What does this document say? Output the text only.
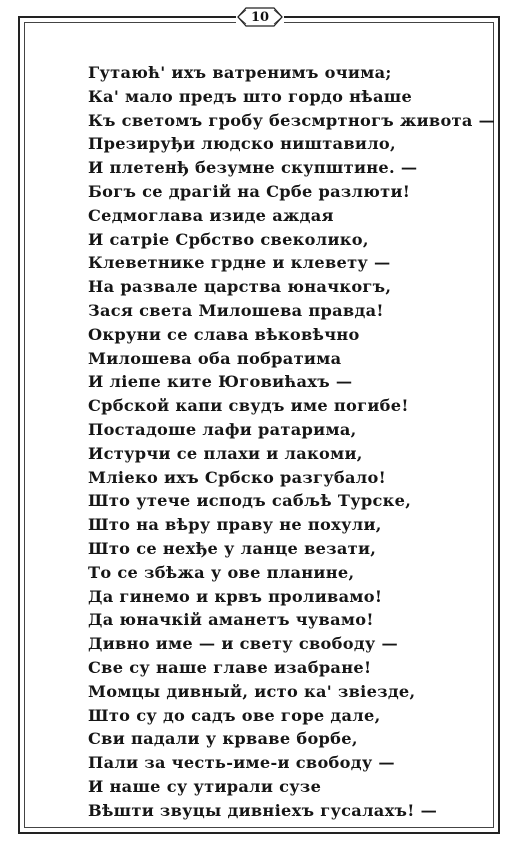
10
Гутаюћ' ихъ ватренимъ очима;
Ка' мало предъ што гордо нѣаше
Къ светомъ гробу безсмртногъ живота —
Презируђи людско ништавило,
И плетенђ безумне скупштине. —
Богъ се драгій на Србе разлюти!
Седмоглава изиде аждая
И сатріе Србство свеколико,
Клеветнике грдне и клевету —
На развале царства юначкогъ,
Зася света Милошева правда!
Окруни се слава вѣковѣчно
Милошева оба побратима
И ліепе ките Юговићахъ —
Србской капи свудъ име погибе!
Постадоше лафи ратарима,
Истурчи се плахи и лакоми,
Мліеко ихъ Србско разгубало!
Што утече исподъ сабљѣ Турске,
Што на вѣру праву не похули,
Што се нехђе у ланце везати,
То се збѣжа у ове планине,
Да гинемо и крвъ проливамо!
Да юначкій аманетъ чувамо!
Дивно име — и свету свободу —
Све су наше главе изабране!
Момцы дивный, исто ка' звіезде,
Што су до садъ ове горе дале,
Сви падали у крваве борбе,
Пали за честь-име-и свободу —
И наше су утирали сузе
Вѣшти звуцы дивніехъ гусалахъ! —
